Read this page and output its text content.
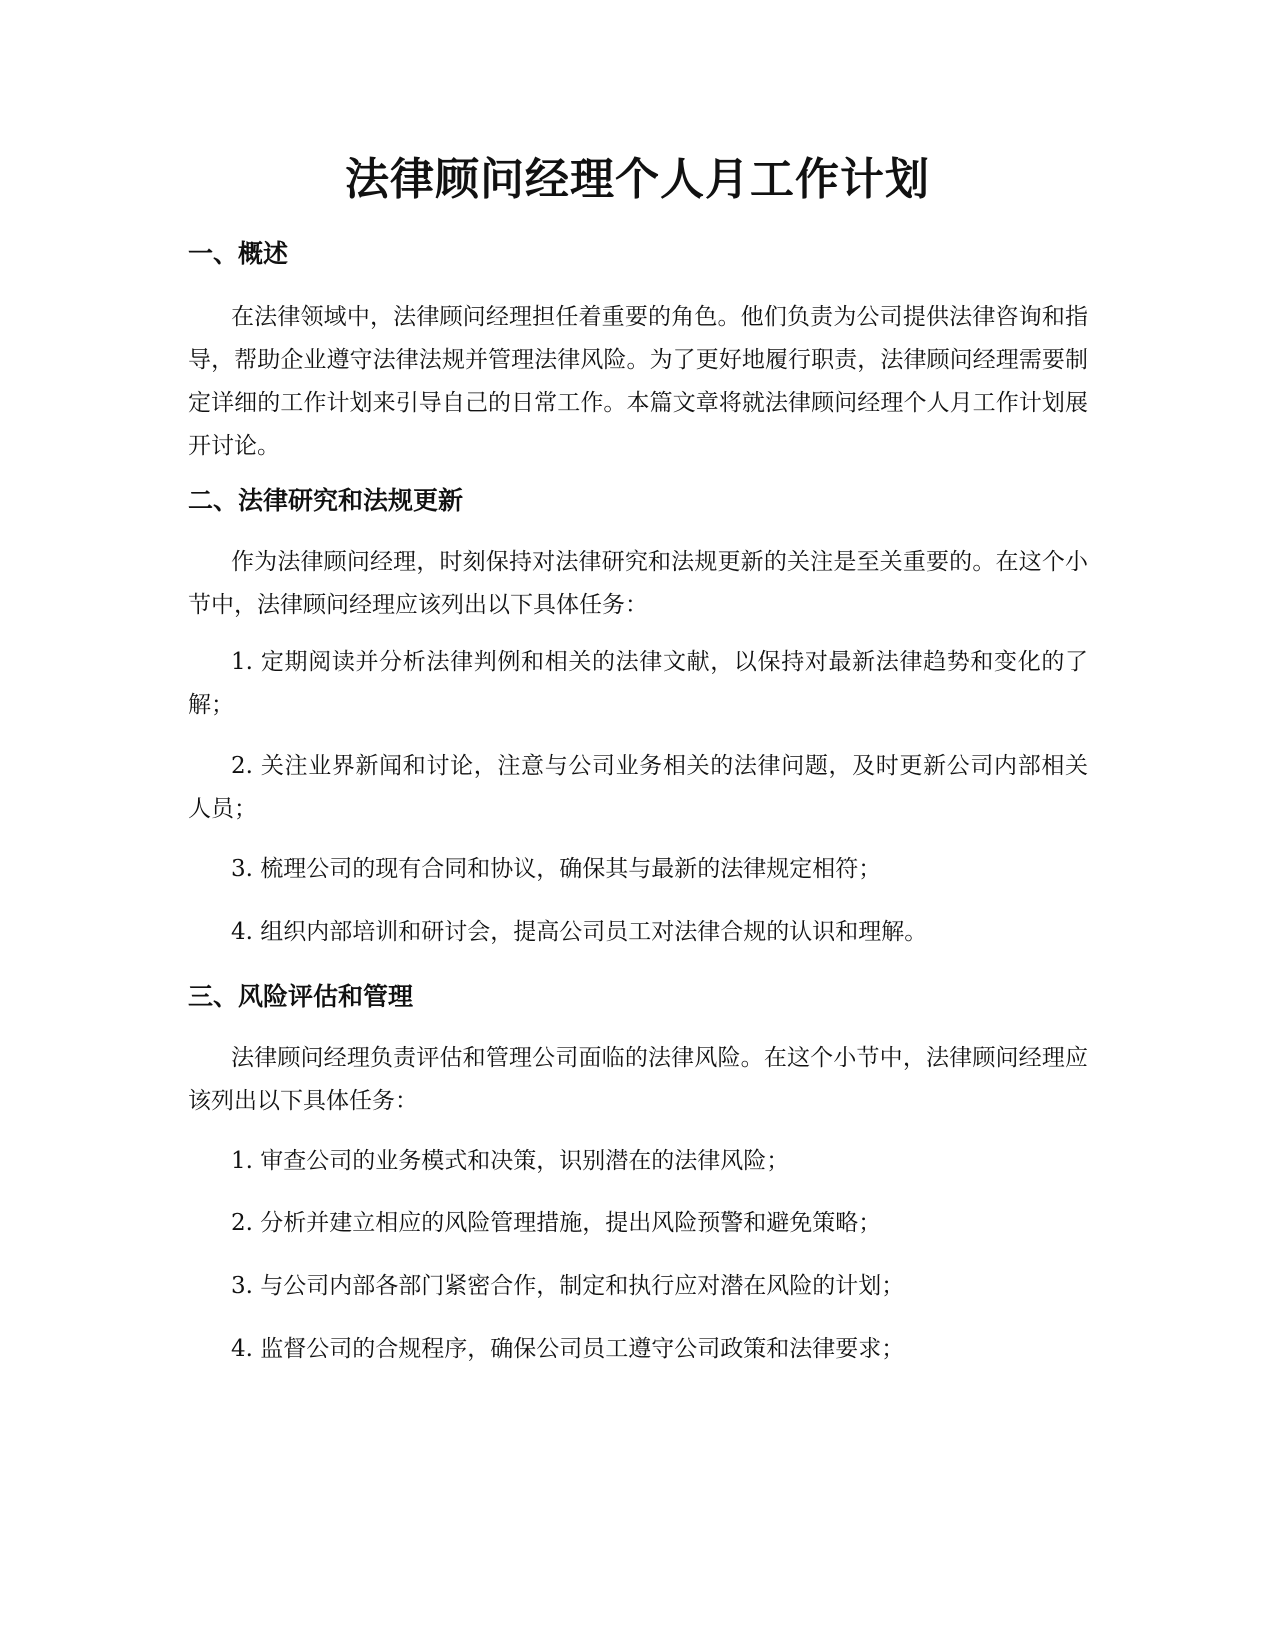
法律顾问经理个人月工作计划
一、概述

在法律领域中，法律顾问经理担任着重要的角色。他们负责为公司提供法律咨询和指导，帮助企业遵守法律法规并管理法律风险。为了更好地履行职责，法律顾问经理需要制定详细的工作计划来引导自己的日常工作。本篇文章将就法律顾问经理个人月工作计划展开讨论。

二、法律研究和法规更新

作为法律顾问经理，时刻保持对法律研究和法规更新的关注是至关重要的。在这个小节中，法律顾问经理应该列出以下具体任务：

1. 定期阅读并分析法律判例和相关的法律文献，以保持对最新法律趋势和变化的了解；

2. 关注业界新闻和讨论，注意与公司业务相关的法律问题，及时更新公司内部相关人员；

3. 梳理公司的现有合同和协议，确保其与最新的法律规定相符；

4. 组织内部培训和研讨会，提高公司员工对法律合规的认识和理解。

三、风险评估和管理

法律顾问经理负责评估和管理公司面临的法律风险。在这个小节中，法律顾问经理应该列出以下具体任务：

1. 审查公司的业务模式和决策，识别潜在的法律风险；

2. 分析并建立相应的风险管理措施，提出风险预警和避免策略；

3. 与公司内部各部门紧密合作，制定和执行应对潜在风险的计划；

4. 监督公司的合规程序，确保公司员工遵守公司政策和法律要求；
